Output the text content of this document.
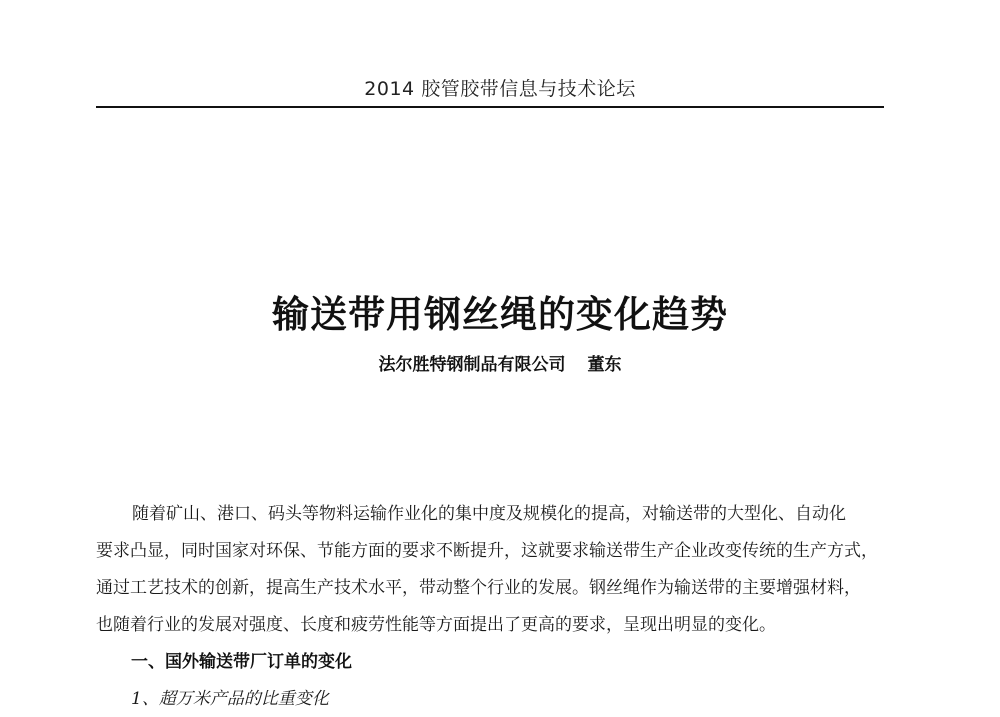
2014 胶管胶带信息与技术论坛
输送带用钢丝绳的变化趋势
法尔胜特钢制品有限公司 董东
随着矿山、港口、码头等物料运输作业化的集中度及规模化的提高，对输送带的大型化、自动化
要求凸显，同时国家对环保、节能方面的要求不断提升，这就要求输送带生产企业改变传统的生产方式，
通过工艺技术的创新，提高生产技术水平，带动整个行业的发展。钢丝绳作为输送带的主要增强材料，
也随着行业的发展对强度、长度和疲劳性能等方面提出了更高的要求，呈现出明显的变化。
一、国外输送带厂订单的变化
1、超万米产品的比重变化
